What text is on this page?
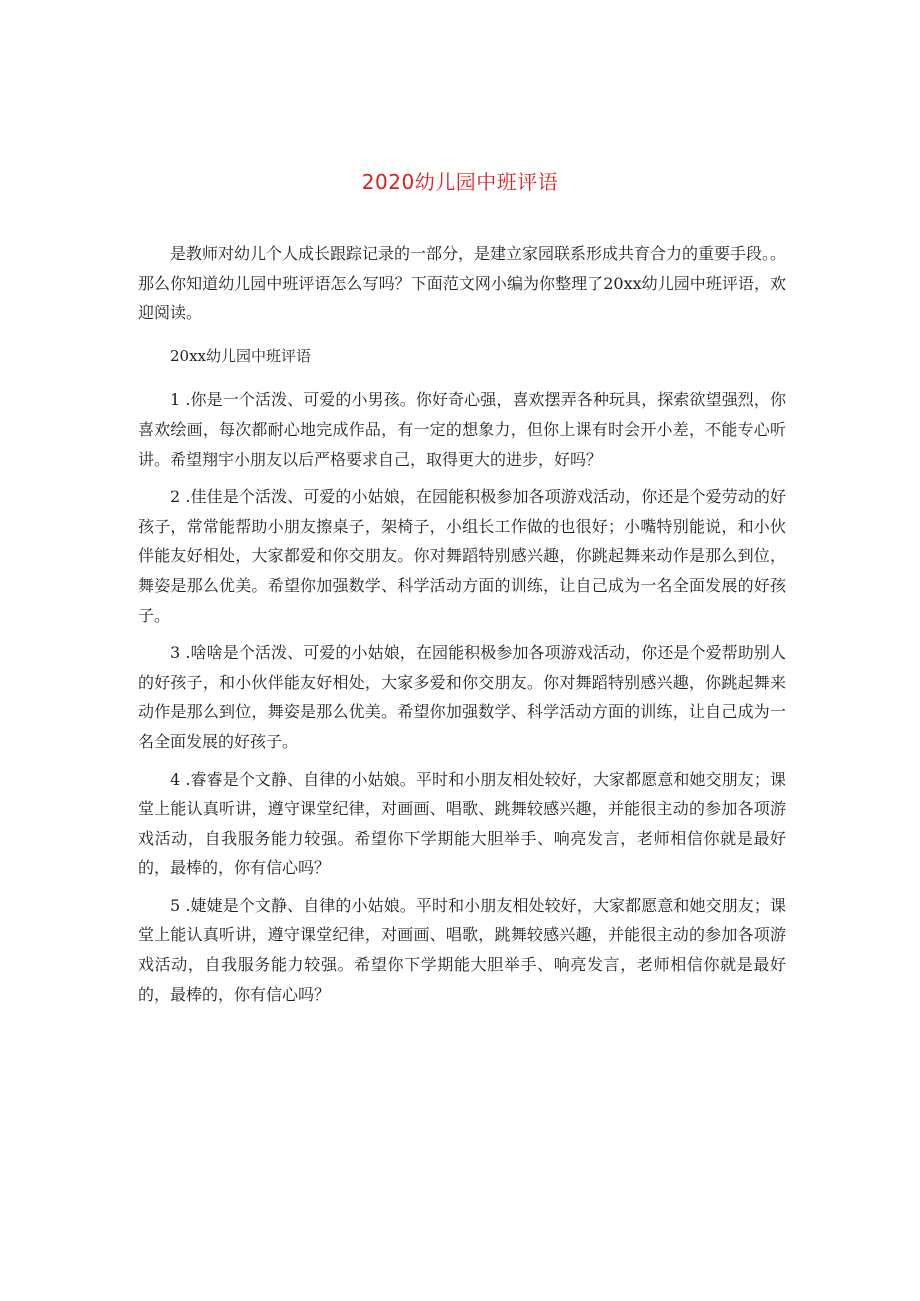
2020幼儿园中班评语

是教师对幼儿个人成长跟踪记录的一部分，是建立家园联系形成共育合力的重要手段。。那么你知道幼儿园中班评语怎么写吗？下面范文网小编为你整理了20xx幼儿园中班评语，欢迎阅读。

20xx幼儿园中班评语

1 .你是一个活泼、可爱的小男孩。你好奇心强，喜欢摆弄各种玩具，探索欲望强烈，你喜欢绘画，每次都耐心地完成作品，有一定的想象力，但你上课有时会开小差，不能专心听讲。希望翔宇小朋友以后严格要求自己，取得更大的进步，好吗？

2 .佳佳是个活泼、可爱的小姑娘，在园能积极参加各项游戏活动，你还是个爱劳动的好孩子，常常能帮助小朋友擦桌子，架椅子，小组长工作做的也很好；小嘴特别能说，和小伙伴能友好相处，大家都爱和你交朋友。你对舞蹈特别感兴趣，你跳起舞来动作是那么到位，舞姿是那么优美。希望你加强数学、科学活动方面的训练，让自己成为一名全面发展的好孩子。

3 .啥啥是个活泼、可爱的小姑娘，在园能积极参加各项游戏活动，你还是个爱帮助别人的好孩子，和小伙伴能友好相处，大家多爱和你交朋友。你对舞蹈特别感兴趣，你跳起舞来动作是那么到位，舞姿是那么优美。希望你加强数学、科学活动方面的训练，让自己成为一名全面发展的好孩子。

4 .睿睿是个文静、自律的小姑娘。平时和小朋友相处较好，大家都愿意和她交朋友；课堂上能认真听讲，遵守课堂纪律，对画画、唱歌、跳舞较感兴趣，并能很主动的参加各项游戏活动，自我服务能力较强。希望你下学期能大胆举手、响亮发言，老师相信你就是最好的，最棒的，你有信心吗？

5 .婕婕是个文静、自律的小姑娘。平时和小朋友相处较好，大家都愿意和她交朋友；课堂上能认真听讲，遵守课堂纪律，对画画、唱歌，跳舞较感兴趣，并能很主动的参加各项游戏活动，自我服务能力较强。希望你下学期能大胆举手、响亮发言，老师相信你就是最好的，最棒的，你有信心吗？
